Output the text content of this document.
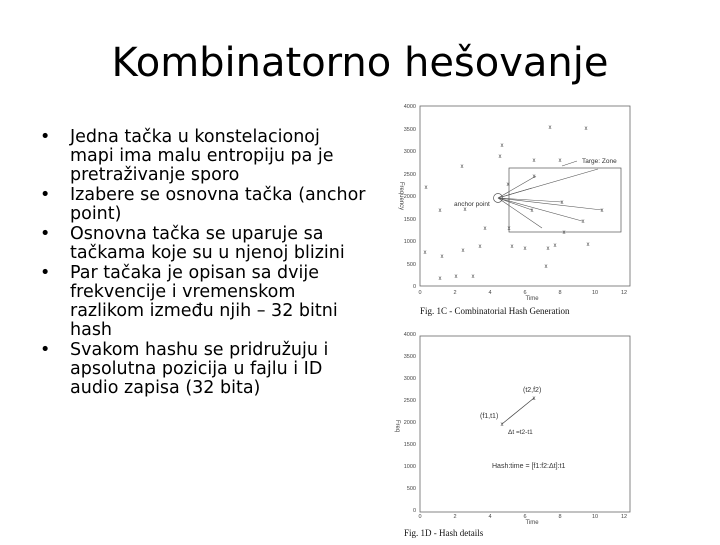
Kombinatorno hešovanje
• Jedna tačka u konstelacionoj mapi ima malu entropiju pa je pretraživanje sporo
• Izabere se osnovna tačka (anchor point)
• Osnovna tačka se uparuje sa tačkama koje su u njenoj blizini
• Par tačaka je opisan sa dvije frekvencije i vremenskom razlikom između njih – 32 bitni hash
• Svakom hashu se pridružuju i apsolutna pozicija u fajlu i ID audio zapisa (32 bita)
4000
3500
3000
2500
2000
1500
1000
500
0
0	2	4	6	8	10	12
Time
Frequency
Targe: Zone
anchor point
x	x
x
x
x
x	x
x	x
x
x	x
x	x
x
x
x
x
x	x
x
x
x
x	x
x
x x x
x	x
x
Fig. 1C - Combinatorial Hash Generation
4000
3500
3000
2500
2000
1500
1000
500
0
0	2	4	6	8	10	12
Time
Freq	x
x
(f1,t1)
(t2,f2)
Δt =t2-t1
Hash:time = [f1:f2:Δt]:t1
Fig. 1D - Hash details
